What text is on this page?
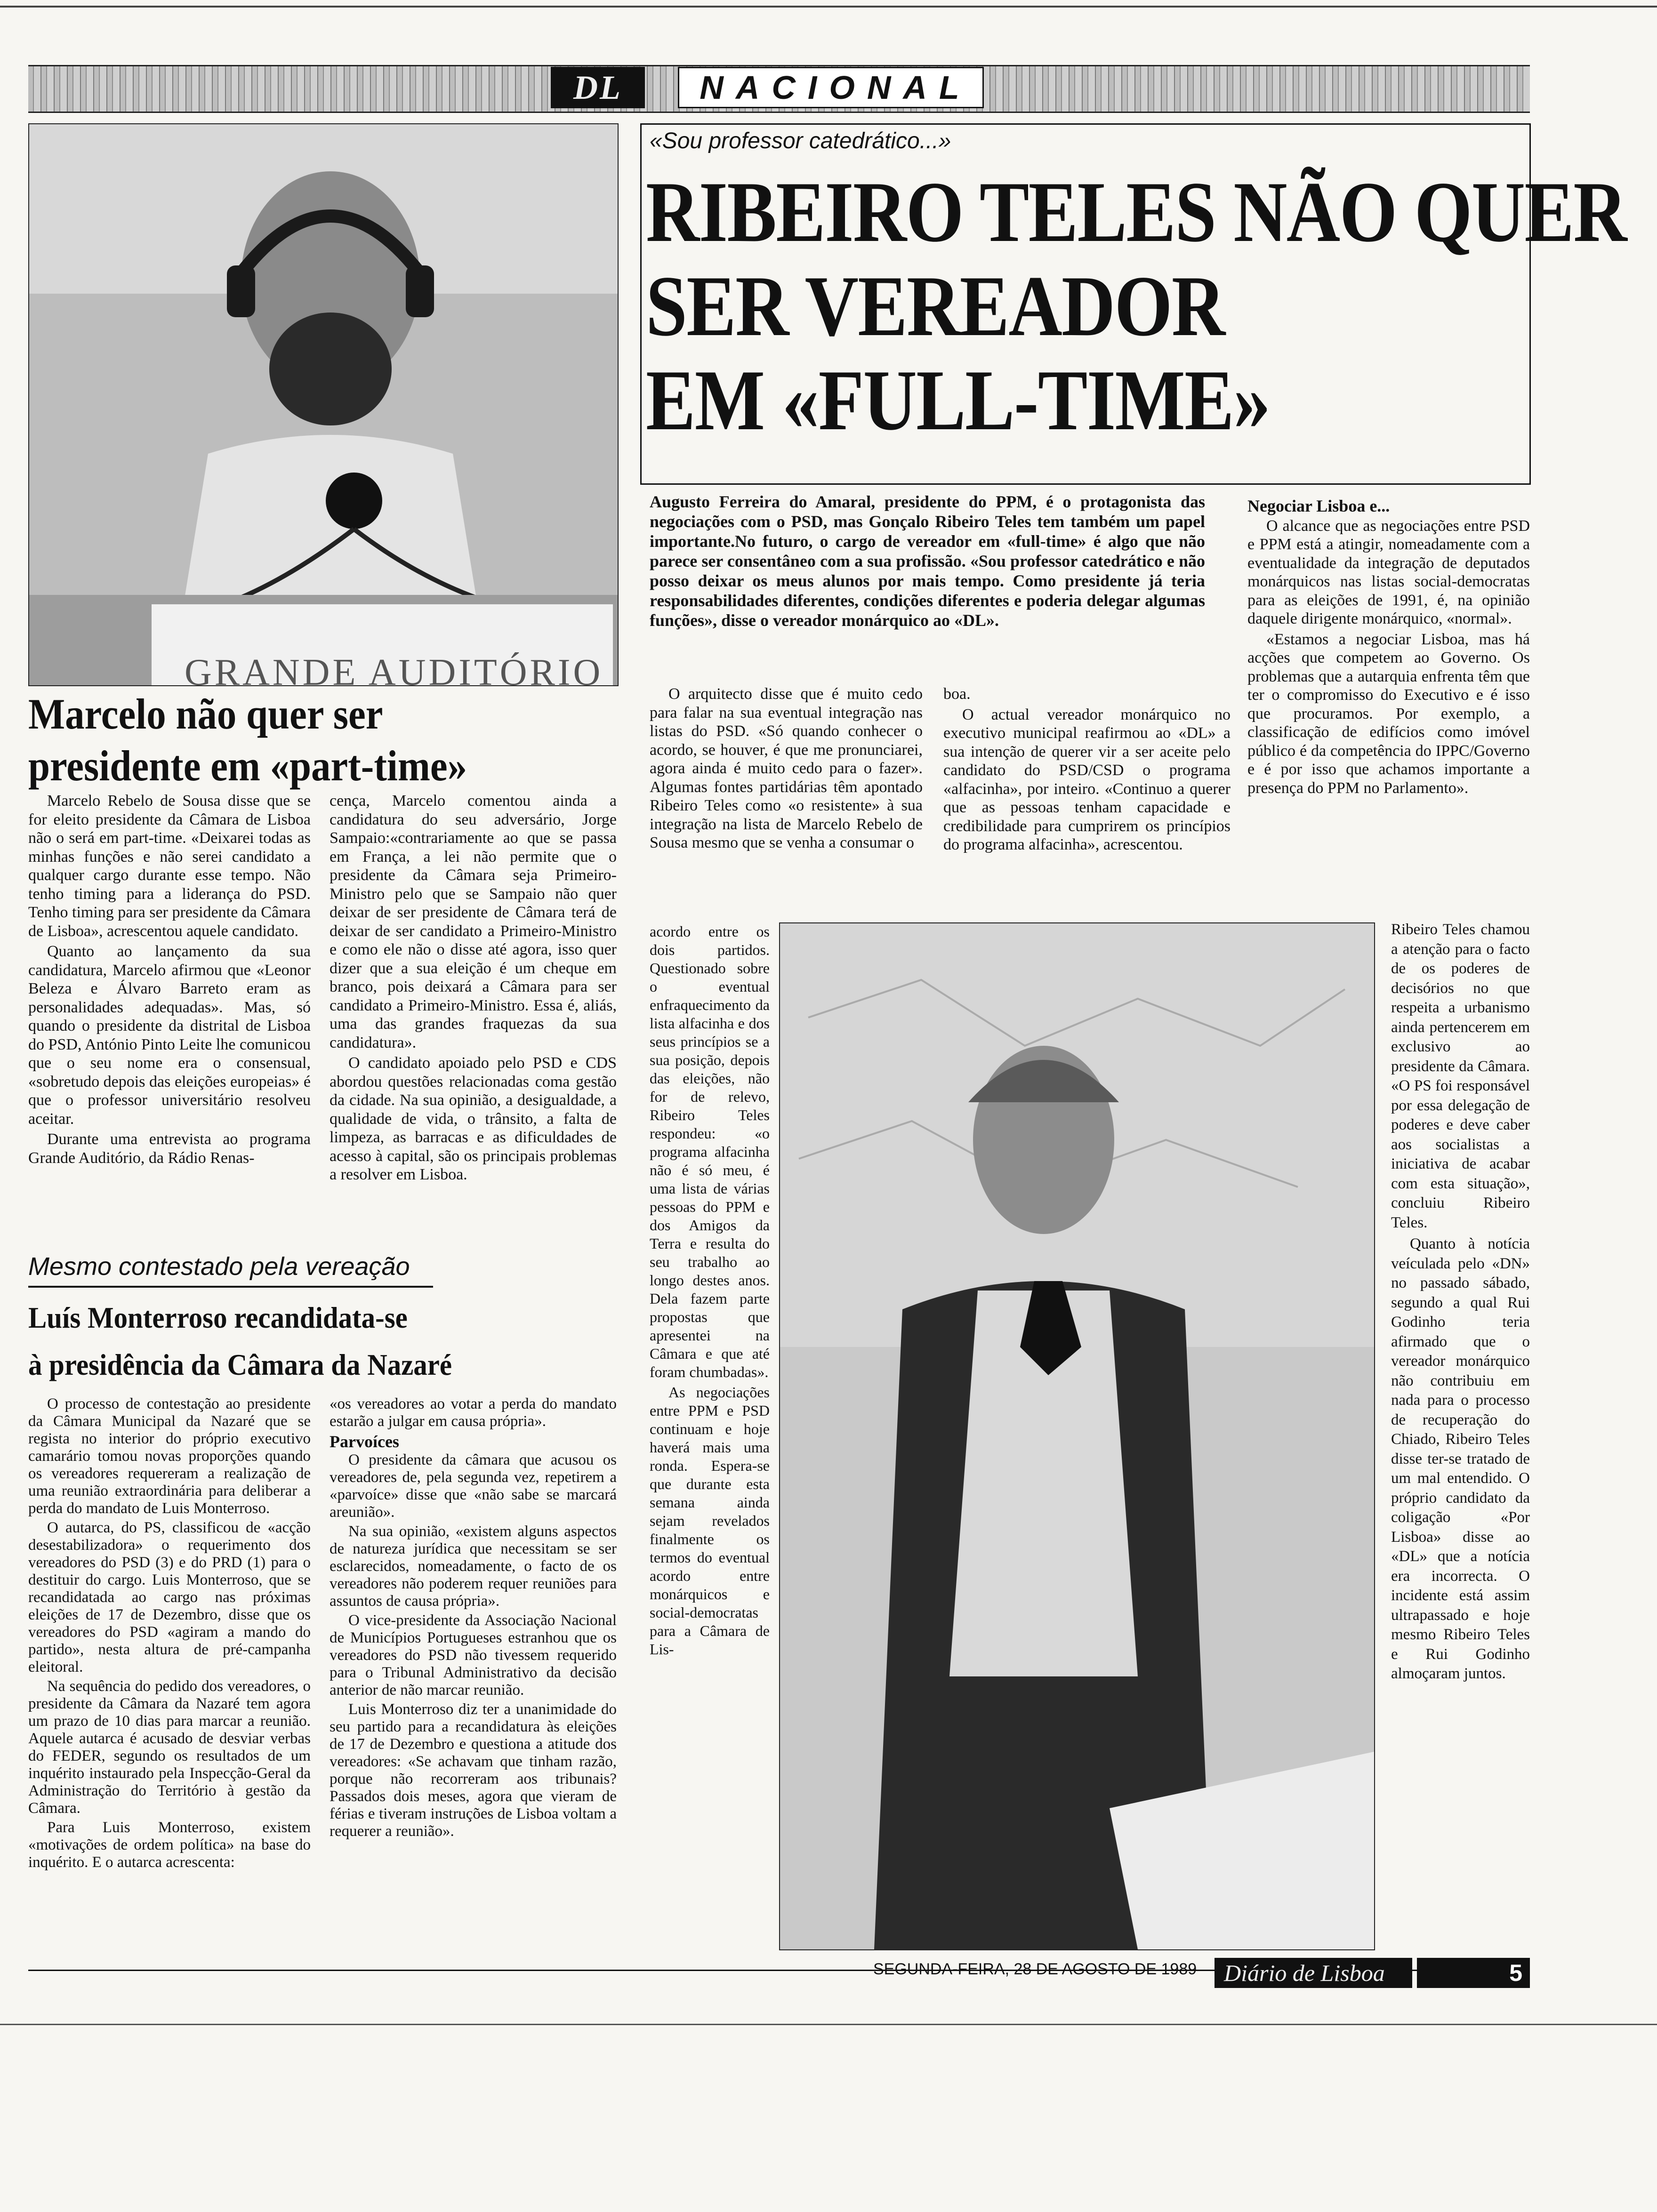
DL	NACIONAL
GRANDE AUDITÓRIO
«Sou professor catedrático...»
RIBEIRO TELES NÃO QUER
SER VEREADOR
EM «FULL-TIME»
Augusto Ferreira do Amaral, presidente do PPM, é o protagonista das negociações com o PSD, mas Gonçalo Ribeiro Teles tem também um papel importante.No futuro, o cargo de vereador em «full-time» é algo que não parece ser consentâneo com a sua profissão. «Sou professor catedrático e não posso deixar os meus alunos por mais tempo. Como presidente já teria responsabilidades diferentes, condições diferentes e poderia delegar algumas funções», disse o vereador monárquico ao «DL».

O arquitecto disse que é muito cedo para falar na sua eventual integração nas listas do PSD. «Só quando conhecer o acordo, se houver, é que me pronunciarei, agora ainda é muito cedo para o fazer». Algumas fontes partidárias têm apontado Ribeiro Teles como «o resistente» à sua integração na lista de Marcelo Rebelo de Sousa mesmo que se venha a consumar o

acordo entre os dois partidos. Questionado sobre o eventual enfraquecimento da lista alfacinha e dos seus princípios se a sua posição, depois das eleições, não for de relevo, Ribeiro Teles respondeu: «o programa alfacinha não é só meu, é uma lista de várias pessoas do PPM e dos Amigos da Terra e resulta do seu trabalho ao longo destes anos. Dela fazem parte propostas que apresentei na Câmara e que até foram chumbadas».

As negociações entre PPM e PSD continuam e hoje haverá mais uma ronda. Espera-se que durante esta semana ainda sejam revelados finalmente os termos do eventual acordo entre monárquicos e social-democratas para a Câmara de Lis-

boa.

O actual vereador monárquico no executivo municipal reafirmou ao «DL» a sua intenção de querer vir a ser aceite pelo candidato do PSD/CSD o programa «alfacinha», por inteiro. «Continuo a querer que as pessoas tenham capacidade e credibilidade para cumprirem os princípios do programa alfacinha», acrescentou.

Negociar Lisboa e...

O alcance que as negociações entre PSD e PPM está a atingir, nomeadamente com a eventualidade da integração de deputados monárquicos nas listas social-democratas para as eleições de 1991, é, na opinião daquele dirigente monárquico, «normal».

«Estamos a negociar Lisboa, mas há acções que competem ao Governo. Os problemas que a autarquia enfrenta têm que ter o compromisso do Executivo e é isso que procuramos. Por exemplo, a classificação de edifícios como imóvel público é da competência do IPPC/Governo e é por isso que achamos importante a presença do PPM no Parlamento».

Ribeiro Teles chamou a atenção para o facto de os poderes de decisórios no que respeita a urbanismo ainda pertencerem em exclusivo ao presidente da Câmara. «O PS foi responsável por essa delegação de poderes e deve caber aos socialistas a iniciativa de acabar com esta situação», concluiu Ribeiro Teles.

Quanto à notícia veículada pelo «DN» no passado sábado, segundo a qual Rui Godinho teria afirmado que o vereador monárquico não contribuiu em nada para o processo de recuperação do Chiado, Ribeiro Teles disse ter-se tratado de um mal entendido. O próprio candidato da coligação «Por Lisboa» disse ao «DL» que a notícia era incorrecta. O incidente está assim ultrapassado e hoje mesmo Ribeiro Teles e Rui Godinho almoçaram juntos.

Marcelo não quer ser
presidente em «part-time»

Marcelo Rebelo de Sousa disse que se for eleito presidente da Câmara de Lisboa não o será em part-time. «Deixarei todas as minhas funções e não serei candidato a qualquer cargo durante esse tempo. Não tenho timing para a liderança do PSD. Tenho timing para ser presidente da Câmara de Lisboa», acrescentou aquele candidato.

Quanto ao lançamento da sua candidatura, Marcelo afirmou que «Leonor Beleza e Álvaro Barreto eram as personalidades adequadas». Mas, só quando o presidente da distrital de Lisboa do PSD, António Pinto Leite lhe comunicou que o seu nome era o consensual, «sobretudo depois das eleições europeias» é que o professor universitário resolveu aceitar.

Durante uma entrevista ao programa Grande Auditório, da Rádio Renas-

cença, Marcelo comentou ainda a candidatura do seu adversário, Jorge Sampaio:«contrariamente ao que se passa em França, a lei não permite que o presidente da Câmara seja Primeiro-Ministro pelo que se Sampaio não quer deixar de ser presidente de Câmara terá de deixar de ser candidato a Primeiro-Ministro e como ele não o disse até agora, isso quer dizer que a sua eleição é um cheque em branco, pois deixará a Câmara para ser candidato a Primeiro-Ministro. Essa é, aliás, uma das grandes fraquezas da sua candidatura».

O candidato apoiado pelo PSD e CDS abordou questões relacionadas coma gestão da cidade. Na sua opinião, a desigualdade, a qualidade de vida, o trânsito, a falta de limpeza, as barracas e as dificuldades de acesso à capital, são os principais problemas a resolver em Lisboa.

Mesmo contestado pela vereação
Luís Monterroso recandidata-se
à presidência da Câmara da Nazaré

O processo de contestação ao presidente da Câmara Municipal da Nazaré que se regista no interior do próprio executivo camarário tomou novas proporções quando os vereadores requereram a realização de uma reunião extraordinária para deliberar a perda do mandato de Luis Monterroso.

O autarca, do PS, classificou de «acção desestabilizadora» o requerimento dos vereadores do PSD (3) e do PRD (1) para o destituir do cargo. Luis Monterroso, que se recandidatada ao cargo nas próximas eleições de 17 de Dezembro, disse que os vereadores do PSD «agiram a mando do partido», nesta altura de pré-campanha eleitoral.

Na sequência do pedido dos vereadores, o presidente da Câmara da Nazaré tem agora um prazo de 10 dias para marcar a reunião. Aquele autarca é acusado de desviar verbas do FEDER, segundo os resultados de um inquérito instaurado pela Inspecção-Geral da Administração do Território à gestão da Câmara.

Para Luis Monterroso, existem «motivações de ordem política» na base do inquérito. E o autarca acrescenta:

«os vereadores ao votar a perda do mandato estarão a julgar em causa própria».

Parvoíces

O presidente da câmara que acusou os vereadores de, pela segunda vez, repetirem a «parvoíce» disse que «não sabe se marcará areunião».

Na sua opinião, «existem alguns aspectos de natureza jurídica que necessitam se ser esclarecidos, nomeadamente, o facto de os vereadores não poderem requer reuniões para assuntos de causa própria».

O vice-presidente da Associação Nacional de Municípios Portugueses estranhou que os vereadores do PSD não tivessem requerido para o Tribunal Administrativo da decisão anterior de não marcar reunião.

Luis Monterroso diz ter a unanimidade do seu partido para a recandidatura às eleições de 17 de Dezembro e questiona a atitude dos vereadores: «Se achavam que tinham razão, porque não recorreram aos tribunais? Passados dois meses, agora que vieram de férias e tiveram instruções de Lisboa voltam a requerer a reunião».

SEGUNDA-FEIRA, 28 DE AGOSTO DE 1989	Diário de Lisboa	5
